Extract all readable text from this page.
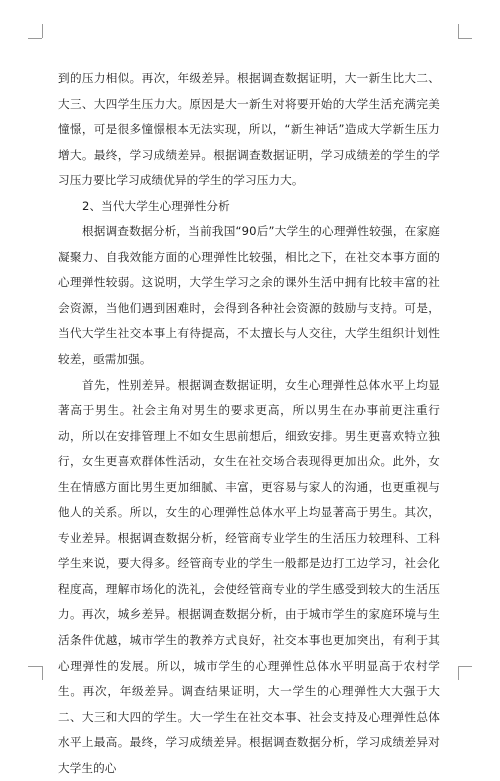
到的压力相似。再次，年级差异。根据调查数据证明，大一新生比大二、大三、大四学生压力大。原因是大一新生对将要开始的大学生活充满完美憧憬，可是很多憧憬根本无法实现，所以，“新生神话”造成大学新生压力增大。最终，学习成绩差异。根据调查数据证明，学习成绩差的学生的学习压力要比学习成绩优异的学生的学习压力大。

2、当代大学生心理弹性分析

根据调查数据分析，当前我国“90后”大学生的心理弹性较强，在家庭凝聚力、自我效能方面的心理弹性比较强，相比之下，在社交本事方面的心理弹性较弱。这说明，大学生学习之余的课外生活中拥有比较丰富的社会资源，当他们遇到困难时，会得到各种社会资源的鼓励与支持。可是，当代大学生社交本事上有待提高，不太擅长与人交往，大学生组织计划性较差，亟需加强。

首先，性别差异。根据调查数据证明，女生心理弹性总体水平上均显著高于男生。社会主角对男生的要求更高，所以男生在办事前更注重行动，所以在安排管理上不如女生思前想后，细致安排。男生更喜欢特立独行，女生更喜欢群体性活动，女生在社交场合表现得更加出众。此外，女生在情感方面比男生更加细腻、丰富，更容易与家人的沟通，也更重视与他人的关系。所以，女生的心理弹性总体水平上均显著高于男生。其次，专业差异。根据调查数据分析，经管商专业学生的生活压力较理科、工科学生来说，要大得多。经管商专业的学生一般都是边打工边学习，社会化程度高，理解市场化的洗礼，会使经管商专业的学生感受到较大的生活压力。再次，城乡差异。根据调查数据分析，由于城市学生的家庭环境与生活条件优越，城市学生的教养方式良好，社交本事也更加突出，有利于其心理弹性的发展。所以，城市学生的心理弹性总体水平明显高于农村学生。再次，年级差异。调查结果证明，大一学生的心理弹性大大强于大二、大三和大四的学生。大一学生在社交本事、社会支持及心理弹性总体水平上最高。最终，学习成绩差异。根据调查数据分析，学习成绩差异对大学生的心
